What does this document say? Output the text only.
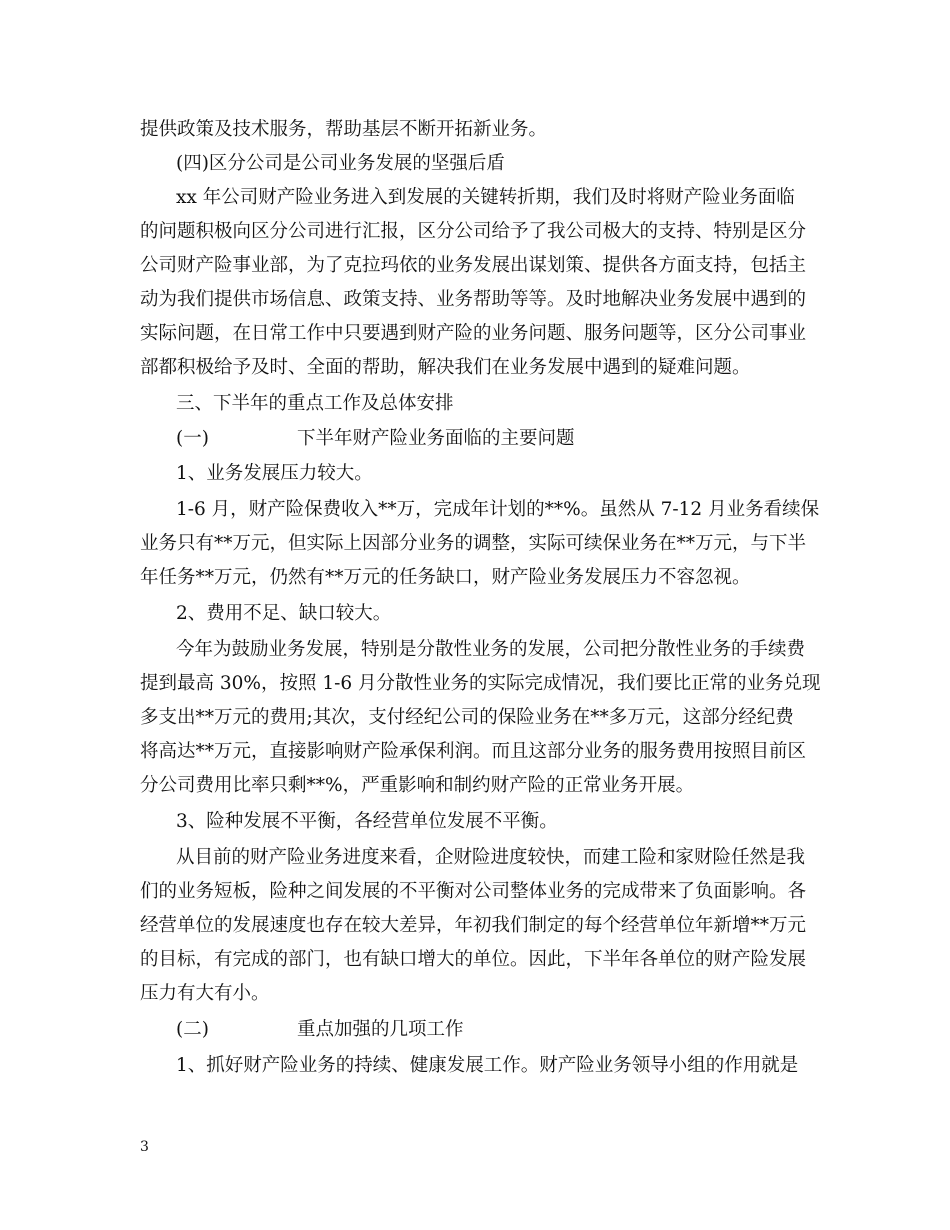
提供政策及技术服务，帮助基层不断开拓新业务。
(四)区分公司是公司业务发展的坚强后盾
xx 年公司财产险业务进入到发展的关键转折期，我们及时将财产险业务面临
的问题积极向区分公司进行汇报，区分公司给予了我公司极大的支持、特别是区分
公司财产险事业部，为了克拉玛依的业务发展出谋划策、提供各方面支持，包括主
动为我们提供市场信息、政策支持、业务帮助等等。及时地解决业务发展中遇到的
实际问题，在日常工作中只要遇到财产险的业务问题、服务问题等，区分公司事业
部都积极给予及时、全面的帮助，解决我们在业务发展中遇到的疑难问题。
三、下半年的重点工作及总体安排
(一)	下半年财产险业务面临的主要问题
1、业务发展压力较大。
1-6 月，财产险保费收入**万，完成年计划的**%。虽然从 7-12 月业务看续保
业务只有**万元，但实际上因部分业务的调整，实际可续保业务在**万元，与下半
年任务**万元，仍然有**万元的任务缺口，财产险业务发展压力不容忽视。
2、费用不足、缺口较大。
今年为鼓励业务发展，特别是分散性业务的发展，公司把分散性业务的手续费
提到最高 30%，按照 1-6 月分散性业务的实际完成情况，我们要比正常的业务兑现
多支出**万元的费用;其次，支付经纪公司的保险业务在**多万元，这部分经纪费
将高达**万元，直接影响财产险承保利润。而且这部分业务的服务费用按照目前区
分公司费用比率只剩**%，严重影响和制约财产险的正常业务开展。
3、险种发展不平衡，各经营单位发展不平衡。
从目前的财产险业务进度来看，企财险进度较快，而建工险和家财险任然是我
们的业务短板，险种之间发展的不平衡对公司整体业务的完成带来了负面影响。各
经营单位的发展速度也存在较大差异，年初我们制定的每个经营单位年新增**万元
的目标，有完成的部门，也有缺口增大的单位。因此，下半年各单位的财产险发展
压力有大有小。
(二)	重点加强的几项工作
1、抓好财产险业务的持续、健康发展工作。财产险业务领导小组的作用就是
3
